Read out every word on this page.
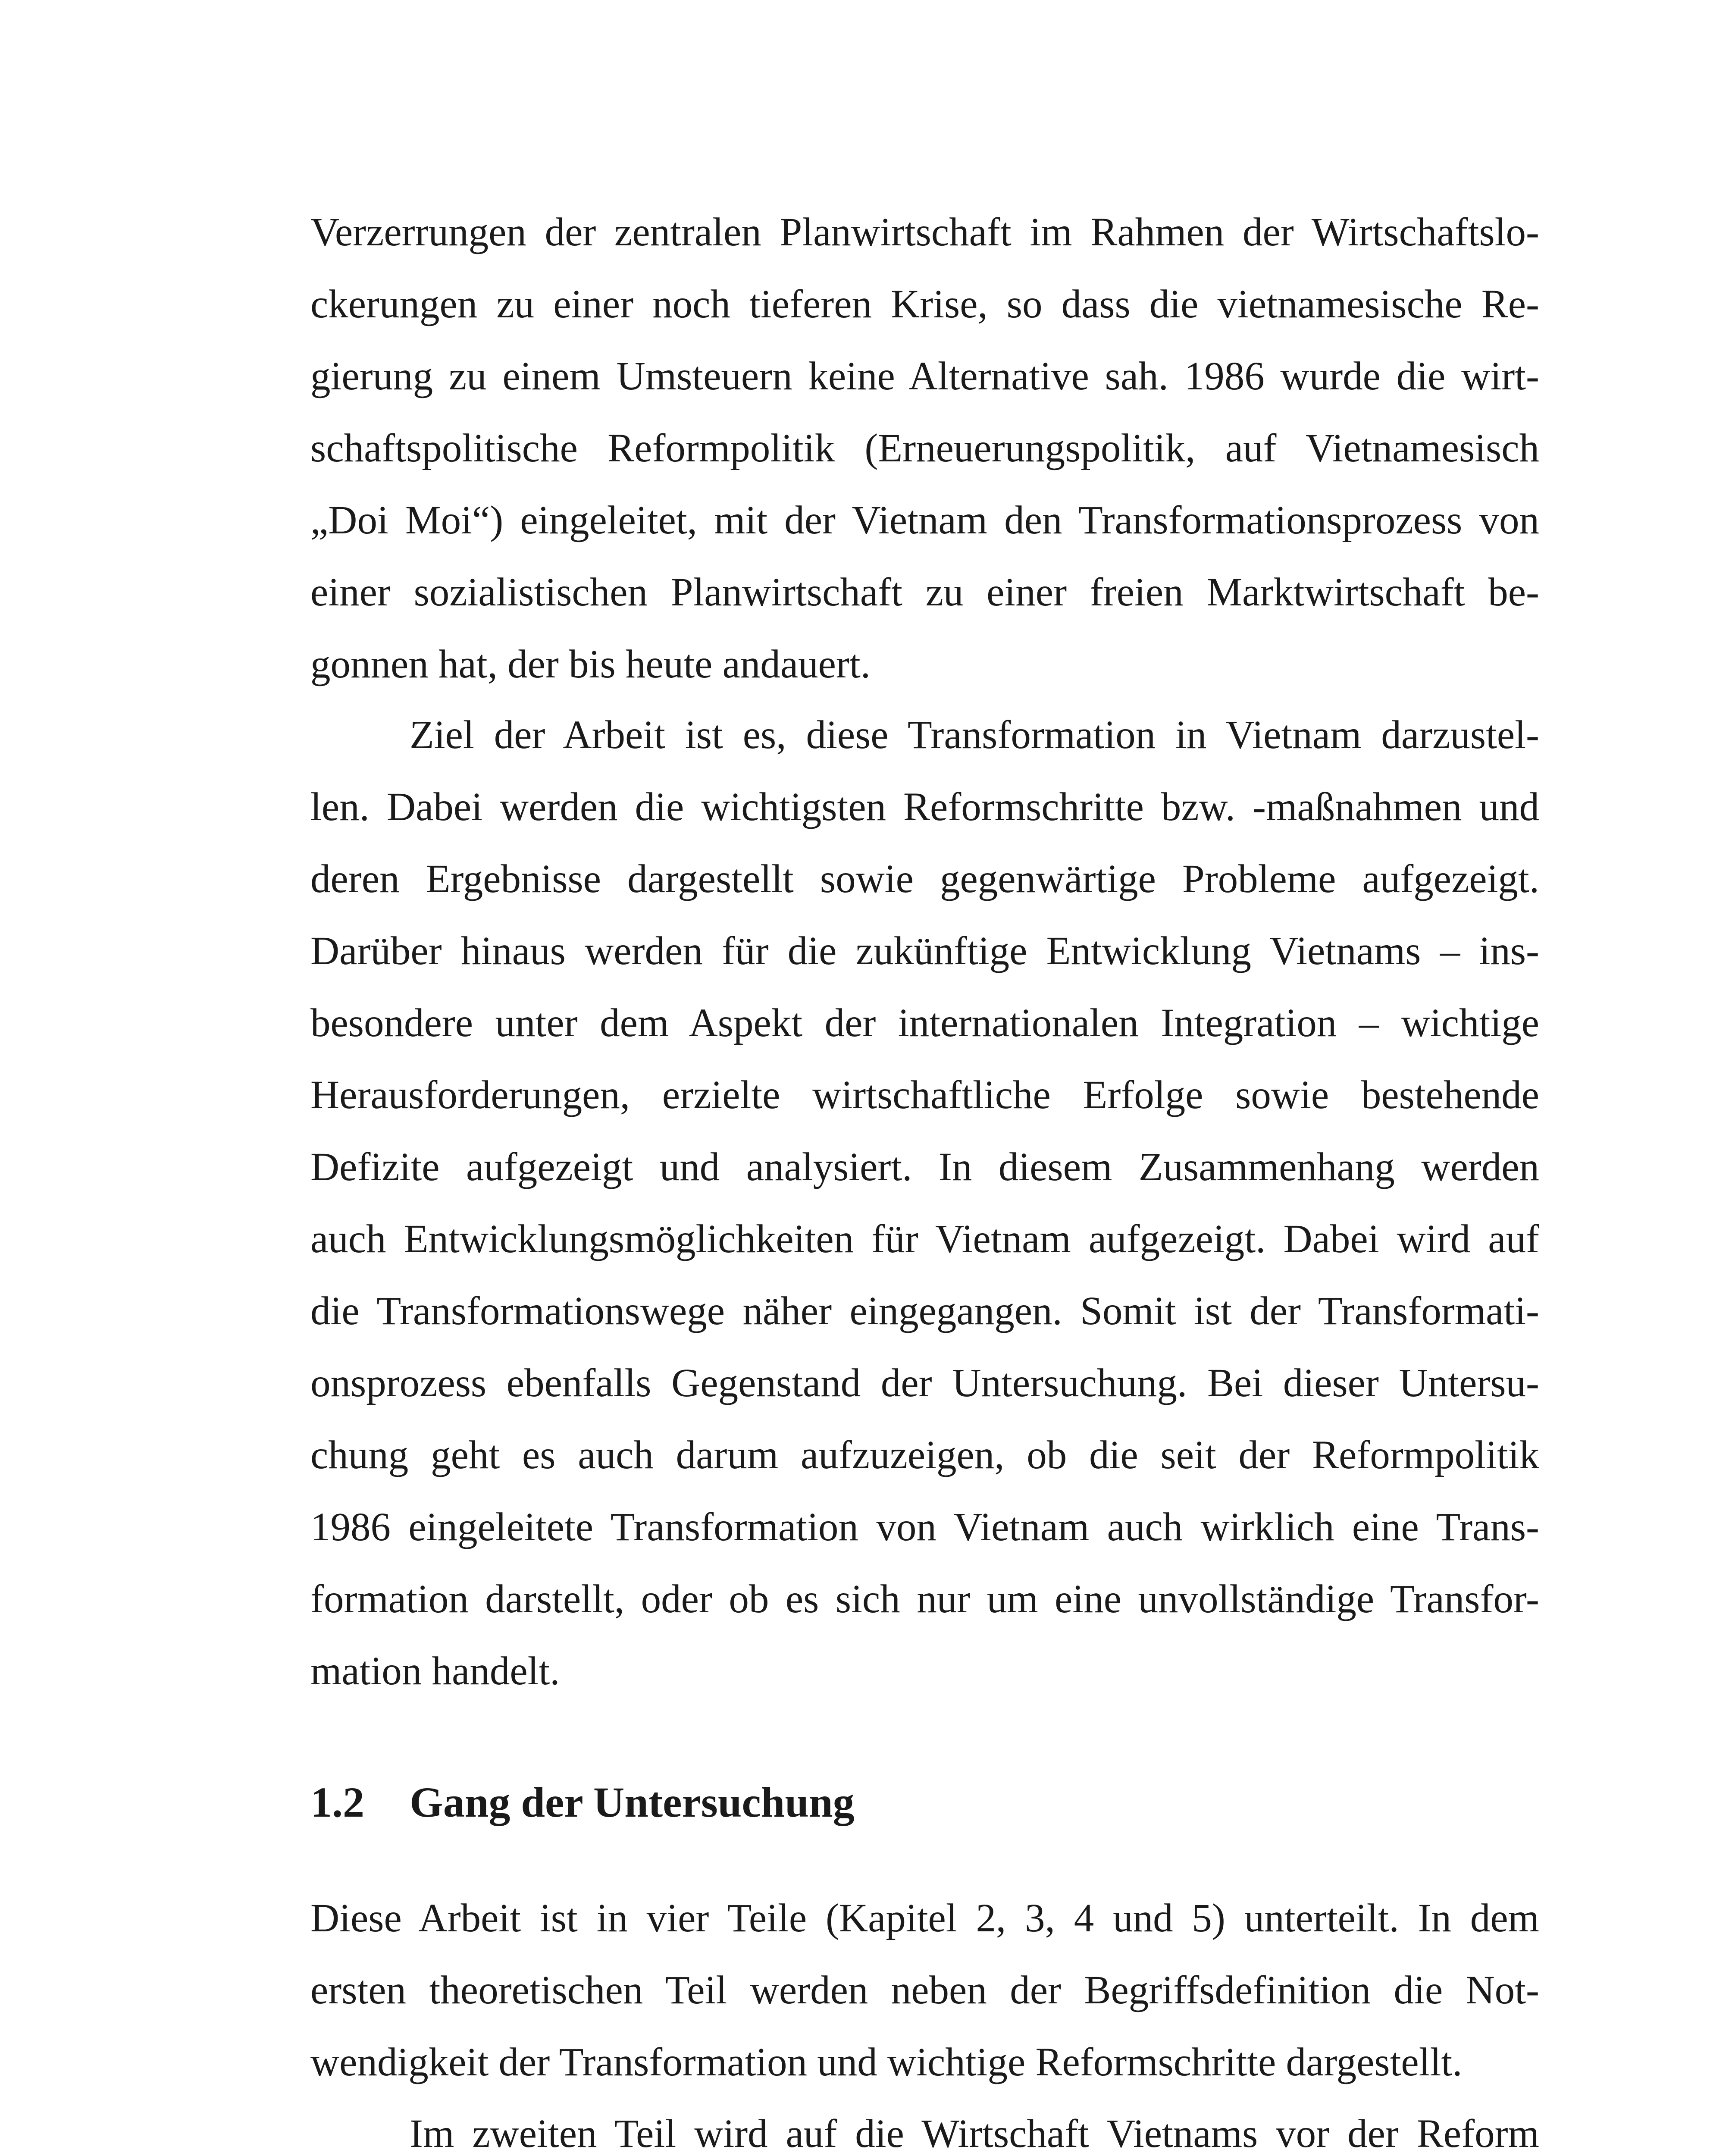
Verzerrungen der zentralen Planwirtschaft im Rahmen der Wirtschaftslo-
ckerungen zu einer noch tieferen Krise, so dass die vietnamesische Re-
gierung zu einem Umsteuern keine Alternative sah. 1986 wurde die wirt-
schaftspolitische Reformpolitik (Erneuerungspolitik, auf Vietnamesisch
„Doi Moi“) eingeleitet, mit der Vietnam den Transformationsprozess von
einer sozialistischen Planwirtschaft zu einer freien Marktwirtschaft be-
gonnen hat, der bis heute andauert.
Ziel der Arbeit ist es, diese Transformation in Vietnam darzustel-
len. Dabei werden die wichtigsten Reformschritte bzw. -maßnahmen und
deren Ergebnisse dargestellt sowie gegenwärtige Probleme aufgezeigt.
Darüber hinaus werden für die zukünftige Entwicklung Vietnams – ins-
besondere unter dem Aspekt der internationalen Integration – wichtige
Herausforderungen, erzielte wirtschaftliche Erfolge sowie bestehende
Defizite aufgezeigt und analysiert. In diesem Zusammenhang werden
auch Entwicklungsmöglichkeiten für Vietnam aufgezeigt. Dabei wird auf
die Transformationswege näher eingegangen. Somit ist der Transformati-
onsprozess ebenfalls Gegenstand der Untersuchung. Bei dieser Untersu-
chung geht es auch darum aufzuzeigen, ob die seit der Reformpolitik
1986 eingeleitete Transformation von Vietnam auch wirklich eine Trans-
formation darstellt, oder ob es sich nur um eine unvollständige Transfor-
mation handelt.
1.2 Gang der Untersuchung
Diese Arbeit ist in vier Teile (Kapitel 2, 3, 4 und 5) unterteilt. In dem
ersten theoretischen Teil werden neben der Begriffsdefinition die Not-
wendigkeit der Transformation und wichtige Reformschritte dargestellt.
Im zweiten Teil wird auf die Wirtschaft Vietnams vor der Reform
